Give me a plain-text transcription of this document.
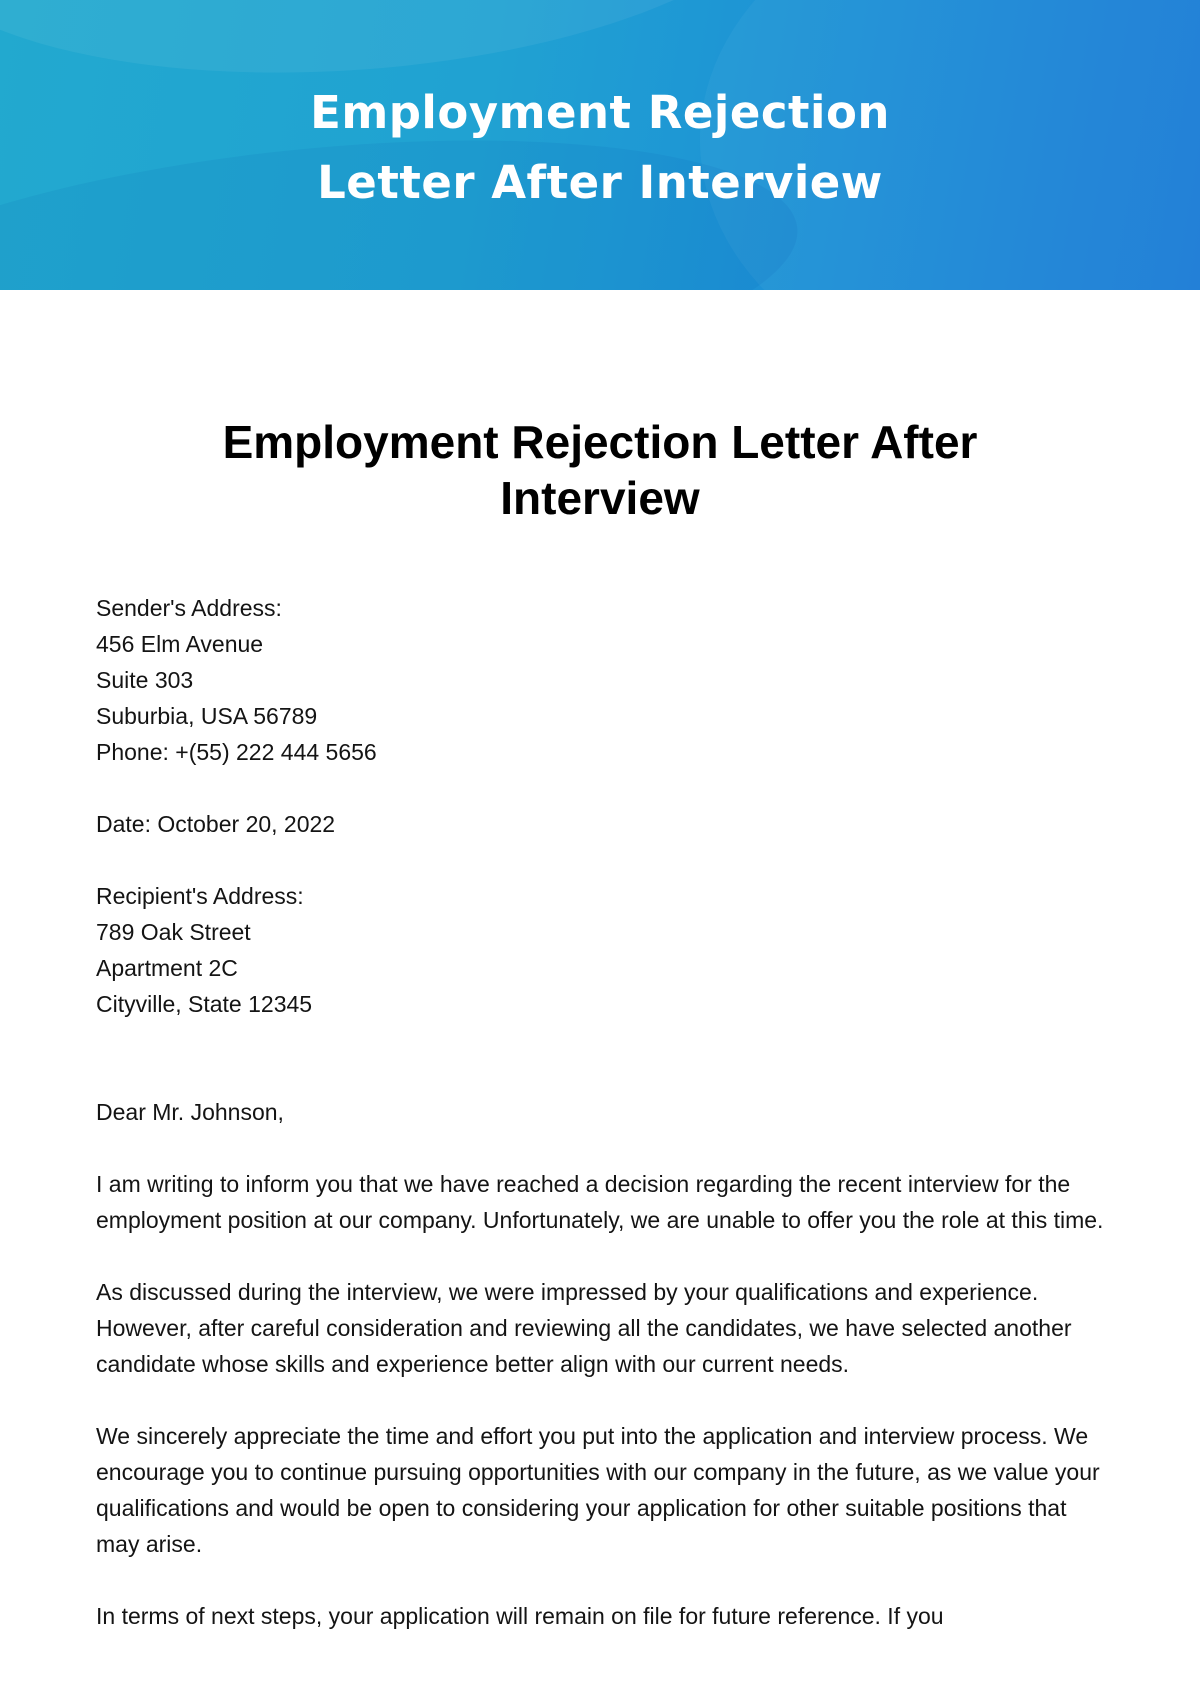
Employment Rejection
Letter After Interview
Employment Rejection Letter After Interview

Sender's Address:

456 Elm Avenue

Suite 303

Suburbia, USA 56789

Phone: +(55) 222 444 5656

Date: October 20, 2022

Recipient's Address:

789 Oak Street

Apartment 2C

Cityville, State 12345

Dear Mr. Johnson,

I am writing to inform you that we have reached a decision regarding the recent interview for the employment position at our company. Unfortunately, we are unable to offer you the role at this time.

As discussed during the interview, we were impressed by your qualifications and experience. However, after careful consideration and reviewing all the candidates, we have selected another candidate whose skills and experience better align with our current needs.

We sincerely appreciate the time and effort you put into the application and interview process. We encourage you to continue pursuing opportunities with our company in the future, as we value your qualifications and would be open to considering your application for other suitable positions that may arise.

In terms of next steps, your application will remain on file for future reference. If you
